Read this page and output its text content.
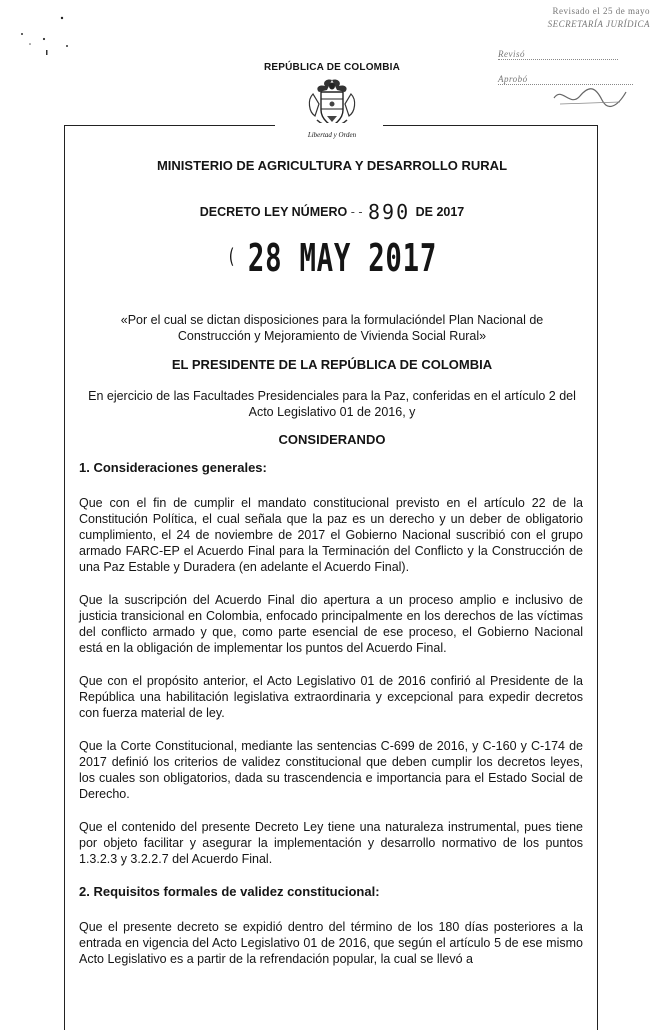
Revisado el 25 de mayo
SECRETARÍA JURÍDICA
Revisó
Aprobó
REPÚBLICA DE COLOMBIA
Libertad y Orden
MINISTERIO DE AGRICULTURA Y DESARROLLO RURAL
DECRETO LEY NÚMERO - - 890 DE 2017
( 28 MAY 2017
«Por el cual se dictan disposiciones para la formulacióndel Plan Nacional de Construcción y Mejoramiento de Vivienda Social Rural»
EL PRESIDENTE DE LA REPÚBLICA DE COLOMBIA
En ejercicio de las Facultades Presidenciales para la Paz, conferidas en el artículo 2 del Acto Legislativo 01 de 2016, y
CONSIDERANDO
1. Consideraciones generales:

Que con el fin de cumplir el mandato constitucional previsto en el artículo 22 de la Constitución Política, el cual señala que la paz es un derecho y un deber de obligatorio cumplimiento, el 24 de noviembre de 2017 el Gobierno Nacional suscribió con el grupo armado FARC-EP el Acuerdo Final para la Terminación del Conflicto y la Construcción de una Paz Estable y Duradera (en adelante el Acuerdo Final).

Que la suscripción del Acuerdo Final dio apertura a un proceso amplio e inclusivo de justicia transicional en Colombia, enfocado principalmente en los derechos de las víctimas del conflicto armado y que, como parte esencial de ese proceso, el Gobierno Nacional está en la obligación de implementar los puntos del Acuerdo Final.

Que con el propósito anterior, el Acto Legislativo 01 de 2016 confirió al Presidente de la República una habilitación legislativa extraordinaria y excepcional para expedir decretos con fuerza material de ley.

Que la Corte Constitucional, mediante las sentencias C-699 de 2016, y C-160 y C-174 de 2017 definió los criterios de validez constitucional que deben cumplir los decretos leyes, los cuales son obligatorios, dada su trascendencia e importancia para el Estado Social de Derecho.

Que el contenido del presente Decreto Ley tiene una naturaleza instrumental, pues tiene por objeto facilitar y asegurar la implementación y desarrollo normativo de los puntos 1.3.2.3 y 3.2.2.7 del Acuerdo Final.

2. Requisitos formales de validez constitucional:

Que el presente decreto se expidió dentro del término de los 180 días posteriores a la entrada en vigencia del Acto Legislativo 01 de 2016, que según el artículo 5 de ese mismo Acto Legislativo es a partir de la refrendación popular, la cual se llevó a
